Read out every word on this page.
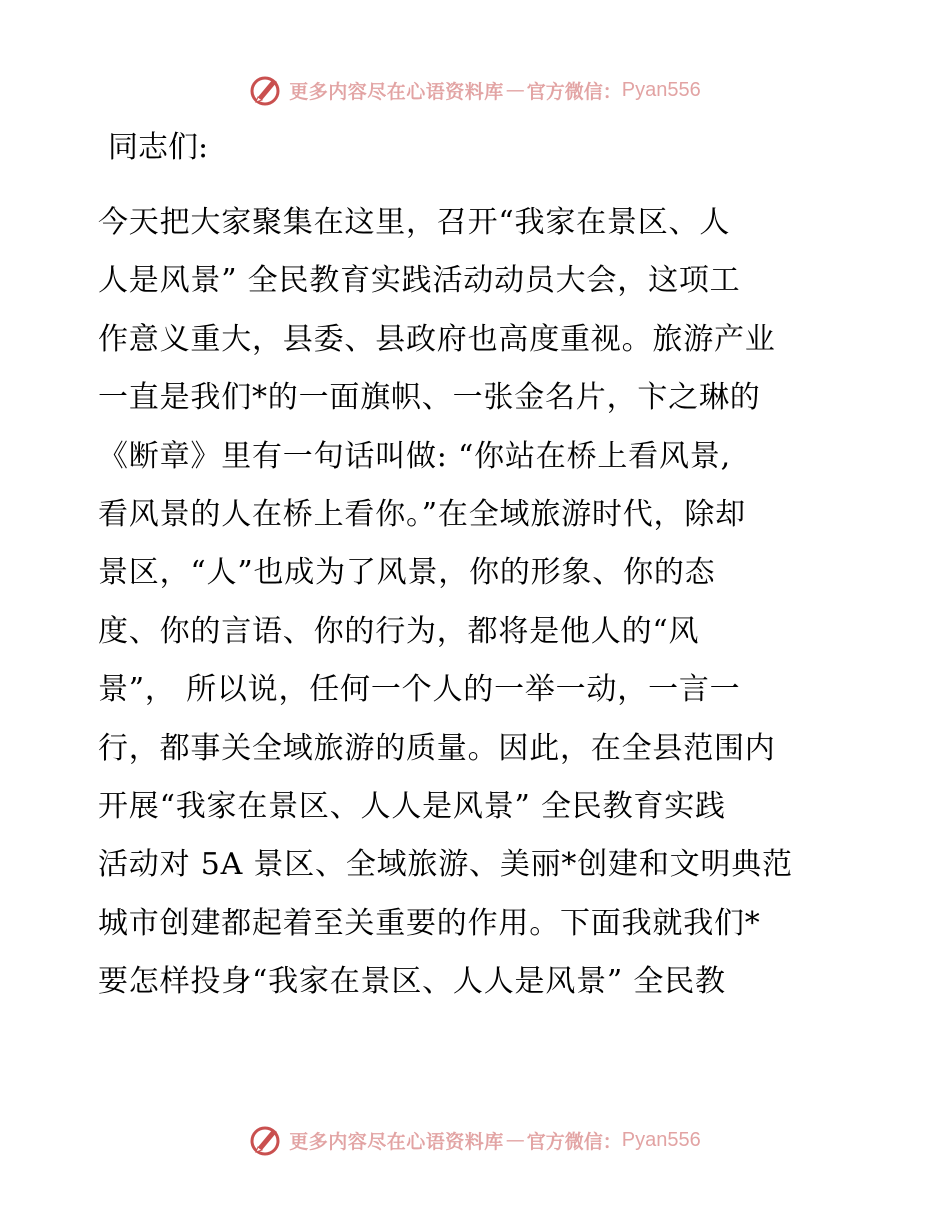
更多内容尽在心语资料库 — 官方微信： Pyan556
同志们:
今天把大家聚集在这里，召开“我家在景区、人
人是风景” 全民教育实践活动动员大会，这项工
作意义重大，县委、县政府也高度重视。旅游产业
一直是我们*的一面旗帜、一张金名片，卞之琳的
《断章》里有一句话叫做: “你站在桥上看风景,
看风景的人在桥上看你。”在全域旅游时代，除却
景区，“人”也成为了风景，你的形象、你的态
度、你的言语、你的行为，都将是他人的“风
景”， 所以说，任何一个人的一举一动，一言一
行，都事关全域旅游的质量。因此，在全县范围内
开展“我家在景区、人人是风景” 全民教育实践
活动对 5A 景区、全域旅游、美丽*创建和文明典范
城市创建都起着至关重要的作用。下面我就我们*
要怎样投身“我家在景区、人人是风景” 全民教
更多内容尽在心语资料库 — 官方微信： Pyan556
